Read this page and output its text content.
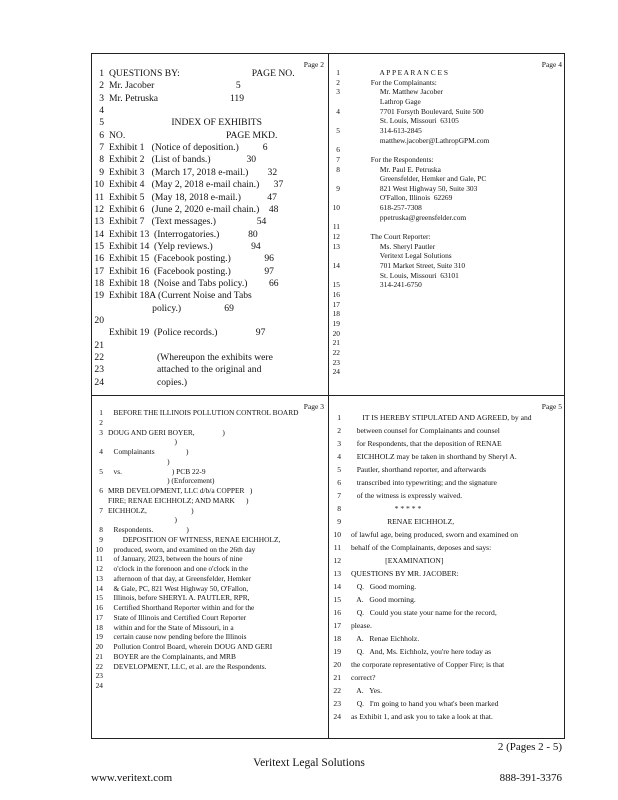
Page 2
1 QUESTIONS BY:                              PAGE NO.
2 Mr. Jacober                                  5
3 Mr. Petruska                              119
4
5 INDEX OF EXHIBITS
6 NO.                                          PAGE MKD.
7 Exhibit 1   (Notice of deposition.)          6
8 Exhibit 2   (List of bands.)               30
9 Exhibit 3   (March 17, 2018 e-mail.)        32
10 Exhibit 4   (May 2, 2018 e-mail chain.)      37
11 Exhibit 5   (May 18, 2018 e-mail.)           47
12 Exhibit 6   (June 2, 2020 e-mail chain.)    48
13 Exhibit 7   (Text messages.)                 54
14 Exhibit 13  (Interrogatories.)            80
15 Exhibit 14  (Yelp reviews.)                94
16 Exhibit 15  (Facebook posting.)              96
17 Exhibit 16  (Facebook posting.)              97
18 Exhibit 18  (Noise and Tabs policy.)         66
19 Exhibit 18A (Current Noise and Tabs
policy.)                  69
20
Exhibit 19  (Police records.)                97
21
22 (Whereupon the exhibits were
23 attached to the original and
24 copies.)
Page 4
1	A P P E A R A N C E S
2	For the Complainants:
3	Mr. Matthew Jacober
Lathrop Gage
4	7701 Forsyth Boulevard, Suite 500
St. Louis, Missouri  63105
5	314-613-2845
matthew.jacober@LathropGPM.com
6
7	For the Respondents:
8	Mr. Paul E. Petruska
Greensfelder, Hemker and Gale, PC
9	821 West Highway 50, Suite 303
O'Fallon, Illinois  62269
10	618-257-7308
ppetruska@greensfelder.com
11
12	The Court Reporter:
13	Ms. Sheryl Pautler
Veritext Legal Solutions
14	701 Market Street, Suite 310
St. Louis, Missouri  63101
15	314-241-6750
16
17
18
19
20
21
22
23
24
Page 3
1 BEFORE THE ILLINOIS POLLUTION CONTROL BOARD
2
3 DOUG AND GERI BOYER,               )
)
4 Complainants                 )
)
5 vs.                           ) PCB 22-9
) (Enforcement)
6 MRB DEVELOPMENT, LLC d/b/a COPPER   )
FIRE; RENAE EICHHOLZ; AND MARK      )
7 EICHHOLZ,                        )
)
8 Respondents.                  )
9 DEPOSITION OF WITNESS, RENAE EICHHOLZ,
10 produced, sworn, and examined on the 26th day
11 of January, 2023, between the hours of nine
12 o'clock in the forenoon and one o'clock in the
13 afternoon of that day, at Greensfelder, Hemker
14 & Gale, PC, 821 West Highway 50, O'Fallon,
15 Illinois, before SHERYL A. PAUTLER, RPR,
16 Certified Shorthand Reporter within and for the
17 State of Illinois and Certified Court Reporter
18 within and for the State of Missouri, in a
19 certain cause now pending before the Illinois
20 Pollution Control Board, wherein DOUG AND GERI
21 BOYER are the Complainants, and MRB
22 DEVELOPMENT, LLC, et al. are the Respondents.
23
24
Page 5
1 IT IS HEREBY STIPULATED AND AGREED, by and
2 between counsel for Complainants and counsel
3 for Respondents, that the deposition of RENAE
4 EICHHOLZ may be taken in shorthand by Sheryl A.
5 Pautler, shorthand reporter, and afterwards
6 transcribed into typewriting; and the signature
7 of the witness is expressly waived.
8 * * * * *
9 RENAE EICHHOLZ,
10 of lawful age, being produced, sworn and examined on
11 behalf of the Complainants, deposes and says:
12 [EXAMINATION]
13 QUESTIONS BY MR. JACOBER:
14 Q.   Good morning.
15 A.   Good morning.
16 Q.   Could you state your name for the record,
17 please.
18 A.   Renae Eichholz.
19 Q.   And, Ms. Eichholz, you're here today as
20 the corporate representative of Copper Fire; is that
21 correct?
22 A.   Yes.
23 Q.   I'm going to hand you what's been marked
24 as Exhibit 1, and ask you to take a look at that.
2 (Pages 2 - 5)
Veritext Legal Solutions
www.veritext.com	888-391-3376
